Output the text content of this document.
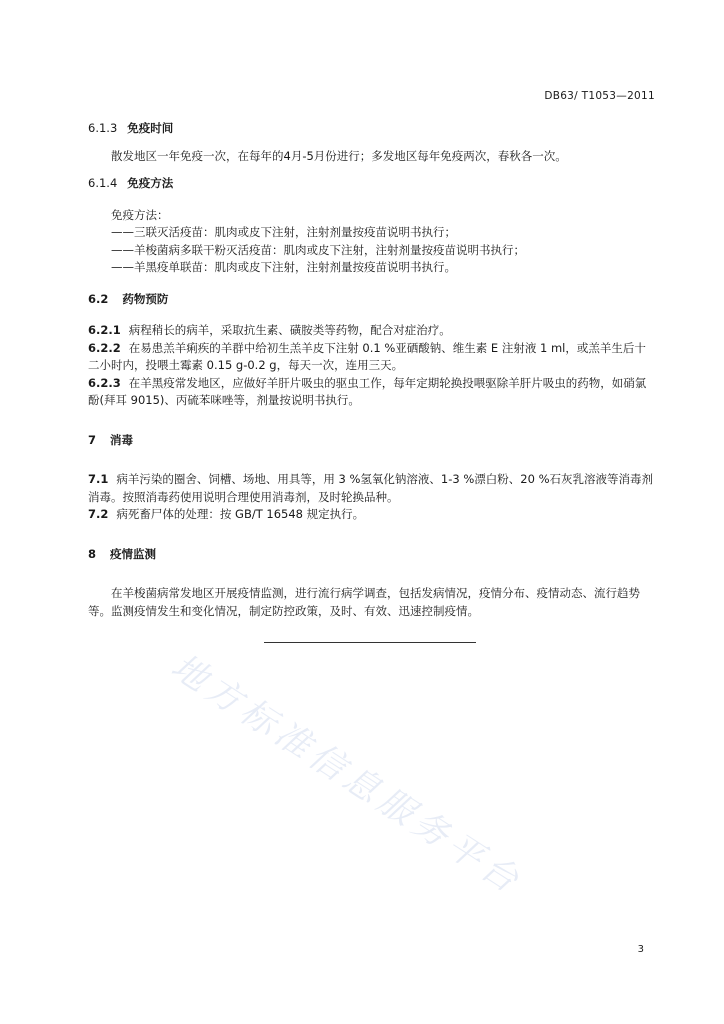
DB63/ T1053—2011
6.1.3 免疫时间

散发地区一年免疫一次，在每年的4月-5月份进行；多发地区每年免疫两次，春秋各一次。

6.1.4 免疫方法

免疫方法：

——三联灭活疫苗：肌肉或皮下注射，注射剂量按疫苗说明书执行；

——羊梭菌病多联干粉灭活疫苗：肌肉或皮下注射，注射剂量按疫苗说明书执行；

——羊黑疫单联苗：肌肉或皮下注射，注射剂量按疫苗说明书执行。

6.2 药物预防

6.2.1 病程稍长的病羊，采取抗生素、磺胺类等药物，配合对症治疗。

6.2.2 在易患羔羊痢疾的羊群中给初生羔羊皮下注射 0.1 %亚硒酸钠、维生素 E 注射液 1 ml，或羔羊生后十二小时内，投喂土霉素 0.15 g-0.2 g，每天一次，连用三天。

6.2.3 在羊黑疫常发地区，应做好羊肝片吸虫的驱虫工作，每年定期轮换投喂驱除羊肝片吸虫的药物，如硝氯酚(拜耳 9015)、丙硫苯咪唑等，剂量按说明书执行。

7 消毒

7.1 病羊污染的圈舍、饲槽、场地、用具等，用 3 %氢氧化钠溶液、1-3 %漂白粉、20 %石灰乳溶液等消毒剂消毒。按照消毒药使用说明合理使用消毒剂，及时轮换品种。

7.2 病死畜尸体的处理：按 GB/T 16548 规定执行。

8 疫情监测

在羊梭菌病常发地区开展疫情监测，进行流行病学调查，包括发病情况，疫情分布、疫情动态、流行趋势等。监测疫情发生和变化情况，制定防控政策，及时、有效、迅速控制疫情。

地方标准信息服务平台
3
